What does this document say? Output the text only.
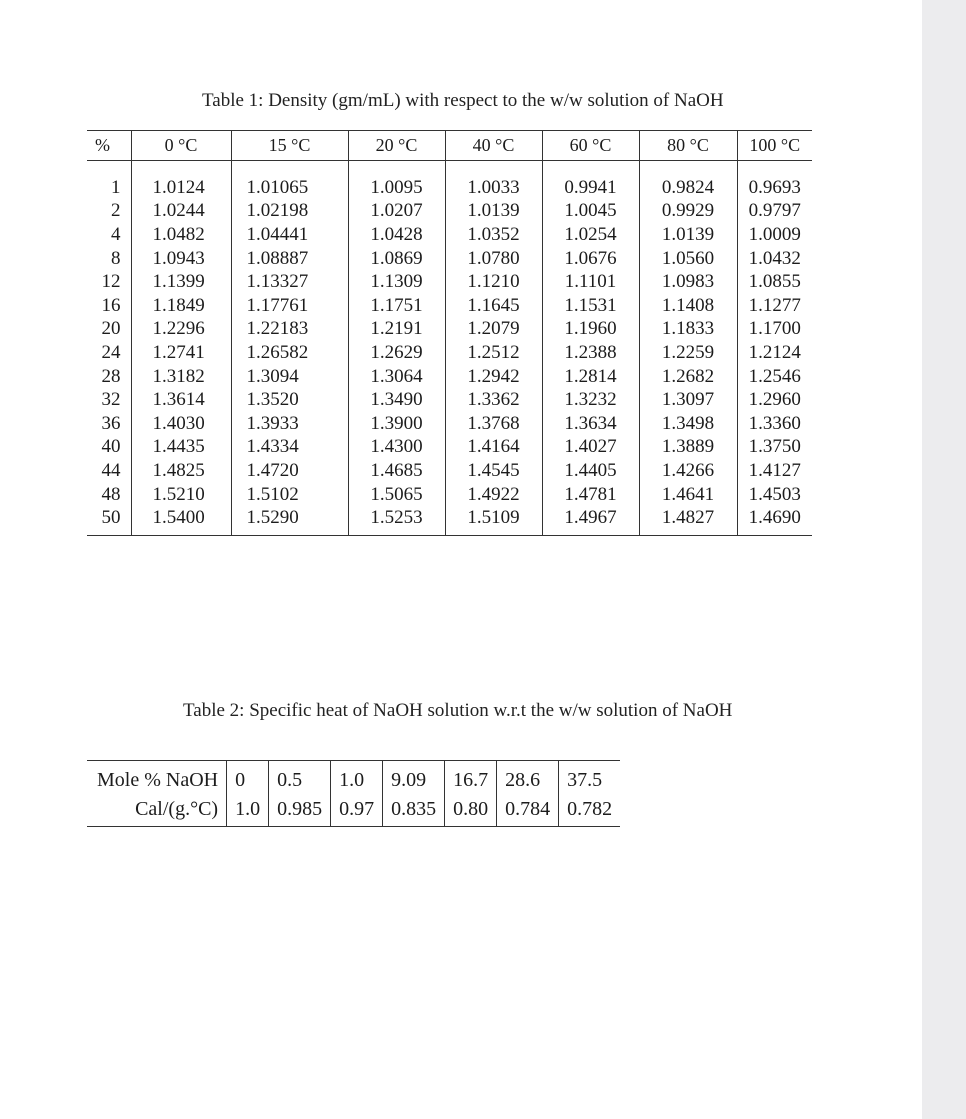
Table 1: Density (gm/mL) with respect to the w/w solution of NaOH
%	0 °C	15 °C	20 °C	40 °C	60 °C	80 °C	100 °C
1	1.0124	1.01065	1.0095	1.0033	0.9941	0.9824	0.9693
2	1.0244	1.02198	1.0207	1.0139	1.0045	0.9929	0.9797
4	1.0482	1.04441	1.0428	1.0352	1.0254	1.0139	1.0009
8	1.0943	1.08887	1.0869	1.0780	1.0676	1.0560	1.0432
12	1.1399	1.13327	1.1309	1.1210	1.1101	1.0983	1.0855
16	1.1849	1.17761	1.1751	1.1645	1.1531	1.1408	1.1277
20	1.2296	1.22183	1.2191	1.2079	1.1960	1.1833	1.1700
24	1.2741	1.26582	1.2629	1.2512	1.2388	1.2259	1.2124
28	1.3182	1.3094	1.3064	1.2942	1.2814	1.2682	1.2546
32	1.3614	1.3520	1.3490	1.3362	1.3232	1.3097	1.2960
36	1.4030	1.3933	1.3900	1.3768	1.3634	1.3498	1.3360
40	1.4435	1.4334	1.4300	1.4164	1.4027	1.3889	1.3750
44	1.4825	1.4720	1.4685	1.4545	1.4405	1.4266	1.4127
48	1.5210	1.5102	1.5065	1.4922	1.4781	1.4641	1.4503
50	1.5400	1.5290	1.5253	1.5109	1.4967	1.4827	1.4690
Table 2: Specific heat of NaOH solution w.r.t the w/w solution of NaOH
Mole % NaOH	0	0.5	1.0	9.09	16.7	28.6	37.5
Cal/(g.°C)	1.0	0.985	0.97	0.835	0.80	0.784	0.782
